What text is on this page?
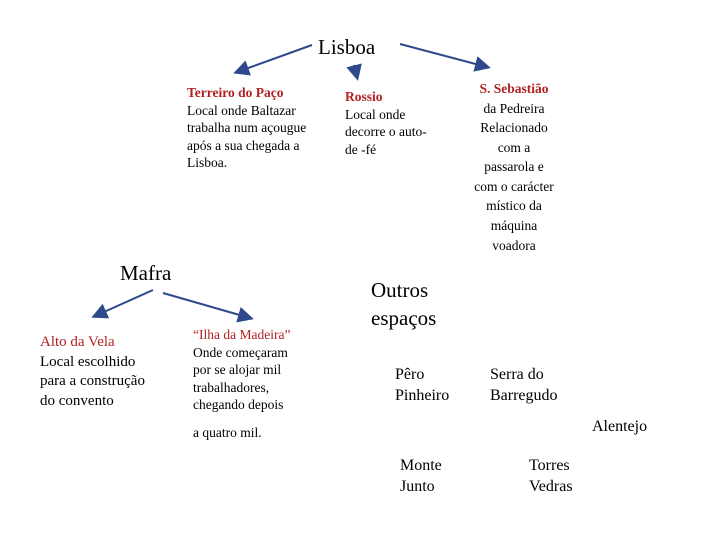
Lisboa
Terreiro do Paço
Local onde Baltazar trabalha num açougue após a sua chegada a Lisboa.
Rossio
Local onde decorre o auto- de -fé
S. Sebastião
da Pedreira Relacionado com a passarola e com o carácter místico da máquina voadora
Mafra
Alto da Vela
Local escolhido para a construção do convento
“Ilha da Madeira”
Onde começaram por se alojar mil trabalhadores, chegando depois
a quatro mil.
Outros espaços
Pêro Pinheiro
Serra do Barregudo
Alentejo
Monte Junto
Torres Vedras
